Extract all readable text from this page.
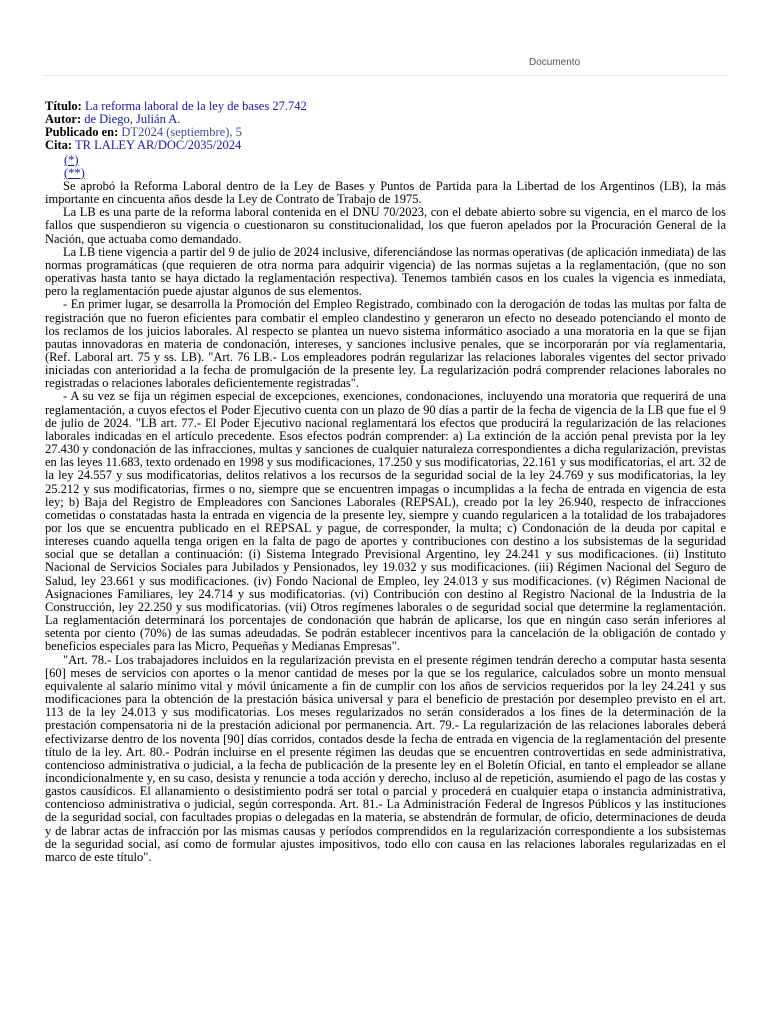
Documento
Título: La reforma laboral de la ley de bases 27.742
Autor: de Diego, Julián A.
Publicado en: DT2024 (septiembre), 5
Cita: TR LALEY AR/DOC/2035/2024
(*)
(**)

Se aprobó la Reforma Laboral dentro de la Ley de Bases y Puntos de Partida para la Libertad de los Argentinos (LB), la más importante en cincuenta años desde la Ley de Contrato de Trabajo de 1975.

La LB es una parte de la reforma laboral contenida en el DNU 70/2023, con el debate abierto sobre su vigencia, en el marco de los fallos que suspendieron su vigencia o cuestionaron su constitucionalidad, los que fueron apelados por la Procuración General de la Nación, que actuaba como demandado.

La LB tiene vigencia a partir del 9 de julio de 2024 inclusive, diferenciándose las normas operativas (de aplicación inmediata) de las normas programáticas (que requieren de otra norma para adquirir vigencia) de las normas sujetas a la reglamentación, (que no son operativas hasta tanto se haya dictado la reglamentación respectiva). Tenemos también casos en los cuales la vigencia es inmediata, pero la reglamentación puede ajustar algunos de sus elementos.

- En primer lugar, se desarrolla la Promoción del Empleo Registrado, combinado con la derogación de todas las multas por falta de registración que no fueron eficientes para combatir el empleo clandestino y generaron un efecto no deseado potenciando el monto de los reclamos de los juicios laborales. Al respecto se plantea un nuevo sistema informático asociado a una moratoria en la que se fijan pautas innovadoras en materia de condonación, intereses, y sanciones inclusive penales, que se incorporarán por vía reglamentaria, (Ref. Laboral art. 75 y ss. LB). "Art. 76 LB.- Los empleadores podrán regularizar las relaciones laborales vigentes del sector privado iniciadas con anterioridad a la fecha de promulgación de la presente ley. La regularización podrá comprender relaciones laborales no registradas o relaciones laborales deficientemente registradas".

- A su vez se fija un régimen especial de excepciones, exenciones, condonaciones, incluyendo una moratoria que requerirá de una reglamentación, a cuyos efectos el Poder Ejecutivo cuenta con un plazo de 90 días a partir de la fecha de vigencia de la LB que fue el 9 de julio de 2024. "LB art. 77.- El Poder Ejecutivo nacional reglamentará los efectos que producirá la regularización de las relaciones laborales indicadas en el artículo precedente. Esos efectos podrán comprender: a) La extinción de la acción penal prevista por la ley 27.430 y condonación de las infracciones, multas y sanciones de cualquier naturaleza correspondientes a dicha regularización, previstas en las leyes 11.683, texto ordenado en 1998 y sus modificaciones, 17.250 y sus modificatorias, 22.161 y sus modificatorias, el art. 32 de la ley 24.557 y sus modificatorias, delitos relativos a los recursos de la seguridad social de la ley 24.769 y sus modificatorias, la ley 25.212 y sus modificatorias, firmes o no, siempre que se encuentren impagas o incumplidas a la fecha de entrada en vigencia de esta ley; b) Baja del Registro de Empleadores con Sanciones Laborales (REPSAL), creado por la ley 26.940, respecto de infracciones cometidas o constatadas hasta la entrada en vigencia de la presente ley, siempre y cuando regularicen a la totalidad de los trabajadores por los que se encuentra publicado en el REPSAL y pague, de corresponder, la multa; c) Condonación de la deuda por capital e intereses cuando aquella tenga origen en la falta de pago de aportes y contribuciones con destino a los subsistemas de la seguridad social que se detallan a continuación: (i) Sistema Integrado Previsional Argentino, ley 24.241 y sus modificaciones. (ii) Instituto Nacional de Servicios Sociales para Jubilados y Pensionados, ley 19.032 y sus modificaciones. (iii) Régimen Nacional del Seguro de Salud, ley 23.661 y sus modificaciones. (iv) Fondo Nacional de Empleo, ley 24.013 y sus modificaciones. (v) Régimen Nacional de Asignaciones Familiares, ley 24.714 y sus modificatorias. (vi) Contribución con destino al Registro Nacional de la Industria de la Construcción, ley 22.250 y sus modificatorias. (vii) Otros regímenes laborales o de seguridad social que determine la reglamentación. La reglamentación determinará los porcentajes de condonación que habrán de aplicarse, los que en ningún caso serán inferiores al setenta por ciento (70%) de las sumas adeudadas. Se podrán establecer incentivos para la cancelación de la obligación de contado y beneficios especiales para las Micro, Pequeñas y Medianas Empresas".

"Art. 78.- Los trabajadores incluidos en la regularización prevista en el presente régimen tendrán derecho a computar hasta sesenta [60] meses de servicios con aportes o la menor cantidad de meses por la que se los regularice, calculados sobre un monto mensual equivalente al salario mínimo vital y móvil únicamente a fin de cumplir con los años de servicios requeridos por la ley 24.241 y sus modificaciones para la obtención de la prestación básica universal y para el beneficio de prestación por desempleo previsto en el art. 113 de la ley 24.013 y sus modificatorias. Los meses regularizados no serán considerados a los fines de la determinación de la prestación compensatoria ni de la prestación adicional por permanencia. Art. 79.- La regularización de las relaciones laborales deberá efectivizarse dentro de los noventa [90] días corridos, contados desde la fecha de entrada en vigencia de la reglamentación del presente título de la ley. Art. 80.- Podrán incluirse en el presente régimen las deudas que se encuentren controvertidas en sede administrativa, contencioso administrativa o judicial, a la fecha de publicación de la presente ley en el Boletín Oficial, en tanto el empleador se allane incondicionalmente y, en su caso, desista y renuncie a toda acción y derecho, incluso al de repetición, asumiendo el pago de las costas y gastos causídicos. El allanamiento o desistimiento podrá ser total o parcial y procederá en cualquier etapa o instancia administrativa, contencioso administrativa o judicial, según corresponda. Art. 81.- La Administración Federal de Ingresos Públicos y las instituciones de la seguridad social, con facultades propias o delegadas en la materia, se abstendrán de formular, de oficio, determinaciones de deuda y de labrar actas de infracción por las mismas causas y períodos comprendidos en la regularización correspondiente a los subsistemas de la seguridad social, así como de formular ajustes impositivos, todo ello con causa en las relaciones laborales regularizadas en el marco de este título".
